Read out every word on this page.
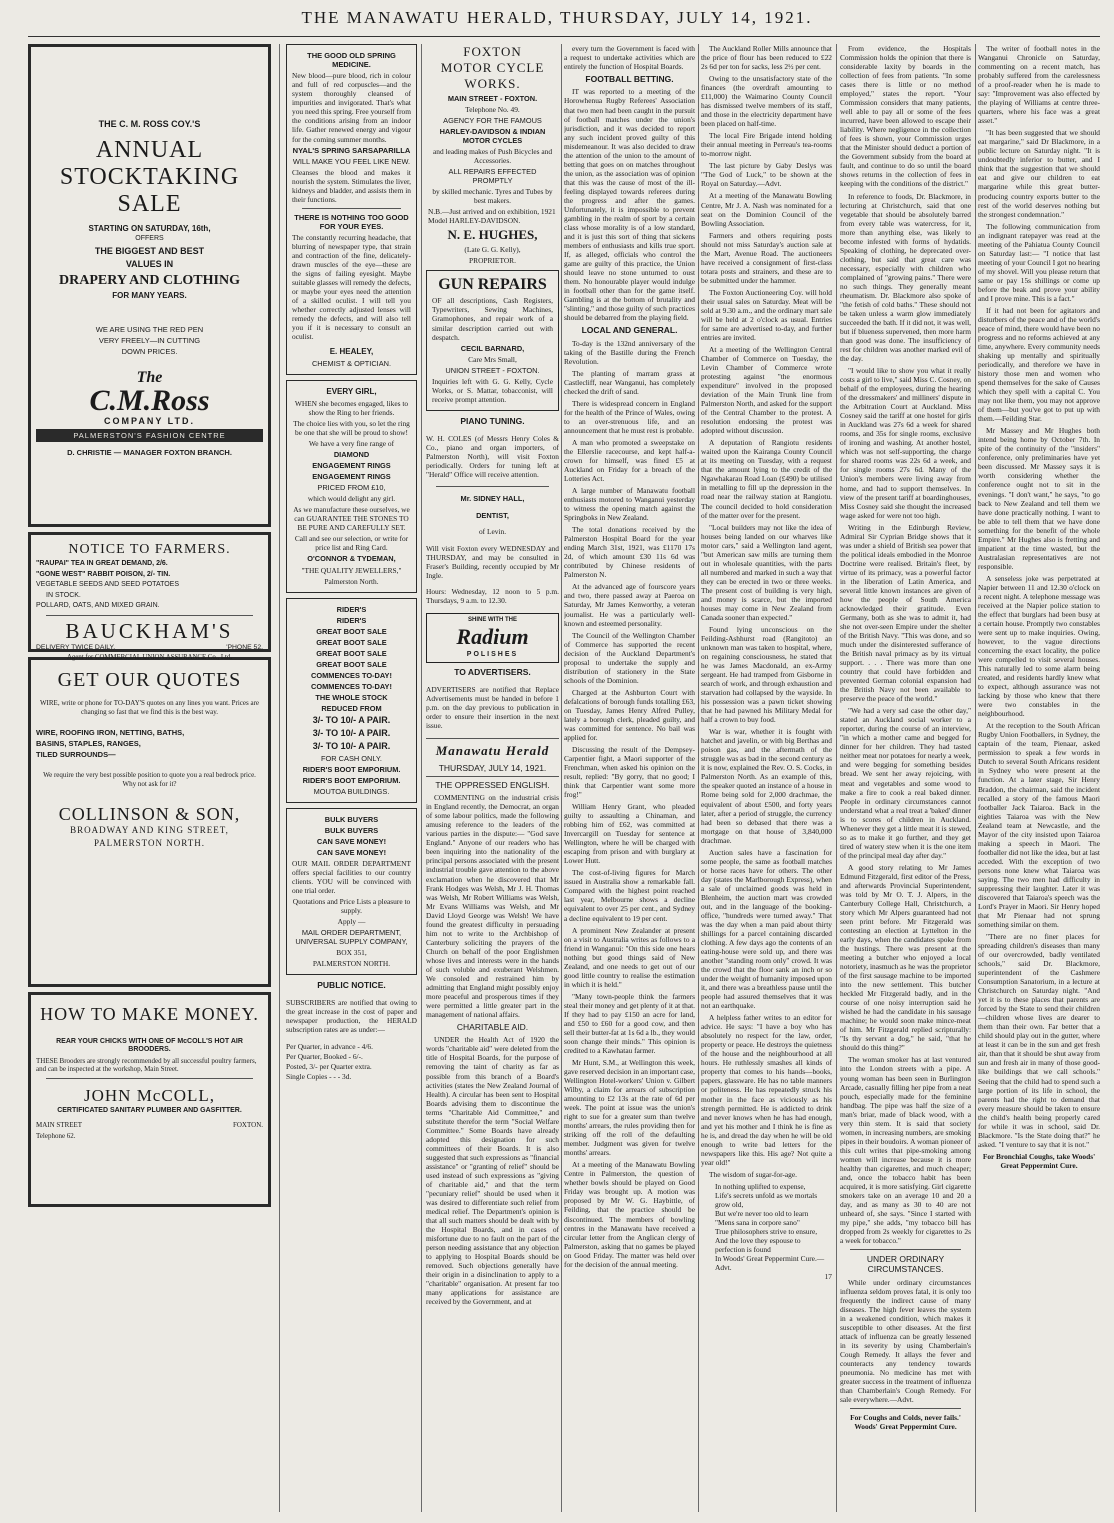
THE MANAWATU HERALD, THURSDAY, JULY 14, 1921.

THE C. M. ROSS COY.'S

ANNUAL

STOCKTAKING

SALE

STARTING ON SATURDAY, 16th,

OFFERS

THE BIGGEST AND BEST

VALUES IN

DRAPERY AND CLOTHING

FOR MANY YEARS.

WE ARE USING THE RED PEN

VERY FREELY—IN CUTTING

DOWN PRICES.

The
C.M.Ross
COMPANY LTD.
PALMERSTON'S FASHION CENTRE

D. CHRISTIE — MANAGER FOXTON BRANCH.

NOTICE TO FARMERS.

"RAUPAI" TEA IN GREAT DEMAND, 2/6.

"GONE WEST" RABBIT POISON, 2/- TIN.

VEGETABLE SEEDS AND SEED POTATOES

IN STOCK.

POLLARD, OATS, AND MIXED GRAIN.

BAUCKHAM'S

DELIVERY TWICE DAILY.	'PHONE 52.

Agent for COMMERCIAL UNION ASSURANCE Co., Ltd.

GET OUR QUOTES

WIRE, write or phone for TO-DAY'S quotes on any lines you want. Prices are changing so fast that we find this is the best way.

WIRE, ROOFING IRON, NETTING, BATHS,

BASINS, STAPLES, RANGES,

TILED SURROUNDS—

We require the very best possible position to quote you a real bedrock price. Why not ask for it?

COLLINSON & SON,

BROADWAY AND KING STREET,

PALMERSTON NORTH.

HOW TO MAKE MONEY.

REAR YOUR CHICKS WITH ONE OF McCOLL'S HOT AIR BROODERS.

THESE Brooders are strongly recommended by all successful poultry farmers, and can be inspected at the workshop, Main Street.

JOHN McCOLL,

CERTIFICATED SANITARY PLUMBER AND GASFITTER.

MAIN STREET	FOXTON.

Telephone 62.

THE GOOD OLD SPRING MEDICINE.

New blood—pure blood, rich in colour and full of red corpuscles—and the system thoroughly cleansed of impurities and invigorated. That's what you need this spring. Free yourself from the conditions arising from an indoor life. Gather renewed energy and vigour for the coming summer months.

NYAL'S SPRING SARSAPARILLA

WILL MAKE YOU FEEL LIKE NEW.

Cleanses the blood and makes it nourish the system. Stimulates the liver, kidneys and bladder, and assists them in their functions.

THERE IS NOTHING TOO GOOD FOR YOUR EYES.

The constantly recurring headache, that blurring of newspaper type, that strain and contraction of the fine, delicately-drawn muscles of the eye—these are the signs of failing eyesight. Maybe suitable glasses will remedy the defects, or maybe your eyes need the attention of a skilled oculist. I will tell you whether correctly adjusted lenses will remedy the defects, and will also tell you if it is necessary to consult an oculist.

E. HEALEY,

CHEMIST & OPTICIAN.

EVERY GIRL,

WHEN she becomes engaged, likes to show the Ring to her friends.

The choice lies with you, so let the ring be one that she will be proud to show!

We have a very fine range of

DIAMOND

ENGAGEMENT RINGS

ENGAGEMENT RINGS

PRICED FROM £10,

which would delight any girl.

As we manufacture these ourselves, we can GUARANTEE THE STONES TO BE PURE AND CAREFULLY SET.

Call and see our selection, or write for price list and Ring Card.

O'CONNOR & TYDEMAN,

"THE QUALITY JEWELLERS,"

Palmerston North.

RIDER'S

RIDER'S

GREAT BOOT SALE

GREAT BOOT SALE

GREAT BOOT SALE

GREAT BOOT SALE

COMMENCES TO-DAY!

COMMENCES TO-DAY!

THE WHOLE STOCK

REDUCED FROM

3/- TO 10/- A PAIR.

3/- TO 10/- A PAIR.

3/- TO 10/- A PAIR.

FOR CASH ONLY.

RIDER'S BOOT EMPORIUM.

RIDER'S BOOT EMPORIUM.

MOUTOA BUILDINGS.

BULK BUYERS

BULK BUYERS

CAN SAVE MONEY!

CAN SAVE MONEY!

OUR MAIL ORDER DEPARTMENT offers special facilities to our country clients. YOU will be convinced with one trial order.

Quotations and Price Lists a pleasure to supply.

Apply —

MAIL ORDER DEPARTMENT, UNIVERSAL SUPPLY COMPANY,

BOX 351,

PALMERSTON NORTH.

PUBLIC NOTICE.

SUBSCRIBERS are notified that owing to the great increase in the cost of paper and newspaper production, the HERALD subscription rates are as under:—

Per Quarter, in advance - 4/6.

Per Quarter, Booked - 6/-.

Posted, 3/- per Quarter extra.

Single Copies - - - 3d.

FOXTON

MOTOR CYCLE

WORKS.

MAIN STREET - FOXTON.

Telephone No. 49.

AGENCY FOR THE FAMOUS

HARLEY-DAVIDSON & INDIAN MOTOR CYCLES

and leading makes of Push Bicycles and Accessories.

ALL REPAIRS EFFECTED PROMPTLY

by skilled mechanic. Tyres and Tubes by best makers.

N.B.—Just arrived and on exhibition, 1921 Model HARLEY-DAVIDSON.

N. E. HUGHES,

(Late G. G. Kelly),

PROPRIETOR.

GUN REPAIRS

OF all descriptions, Cash Registers, Typewriters, Sewing Machines, Gramophones, and repair work of a similar description carried out with despatch.

CECIL BARNARD,

Care Mrs Small,

UNION STREET - FOXTON.

Inquiries left with G. G. Kelly, Cycle Works, or S. Mattar, tobacconist, will receive prompt attention.

PIANO TUNING.

W. H. COLES (of Messrs Henry Coles & Co., piano and organ importers, of Palmerston North), will visit Foxton periodically. Orders for tuning left at "Herald" Office will receive attention.

Mr. SIDNEY HALL,

DENTIST,

of Levin.

Will visit Foxton every WEDNESDAY and THURSDAY, and may be consulted in Fraser's Building, recently occupied by Mr Ingle.

Hours: Wednesday, 12 noon to 5 p.m. Thursdays, 9 a.m. to 12.30.

SHINE WITH THE
Radium
POLISHES
TO ADVERTISERS.

ADVERTISERS are notified that Replace Advertisements must be handed in before 1 p.m. on the day previous to publication in order to ensure their insertion in the next issue.

Manawatu Herald
THURSDAY, JULY 14, 1921.
THE OPPRESSED ENGLISH.

COMMENTING on the industrial crisis in England recently, the Democrat, an organ of some labour politics, made the following amusing reference to the leaders of the various parties in the dispute:— "God save England." Anyone of our readers who has been inquiring into the nationality of the principal persons associated with the present industrial trouble gave attention to the above exclamation when he discovered that Mr Frank Hodges was Welsh, Mr J. H. Thomas was Welsh, Mr Robert Williams was Welsh, Mr Evans Williams was Welsh, and Mr David Lloyd George was Welsh! We have found the greatest difficulty in persuading him not to write to the Archbishop of Canterbury soliciting the prayers of the Church on behalf of the poor Englishmen whose lives and interests were in the hands of such voluble and exuberant Welshmen. We consoled and restrained him by admitting that England might possibly enjoy more peaceful and prosperous times if they were permitted a little greater part in the management of national affairs.

CHARITABLE AID.

UNDER the Health Act of 1920 the words "charitable aid" were deleted from the title of Hospital Boards, for the purpose of removing the taint of charity as far as possible from this branch of a Board's activities (states the New Zealand Journal of Health). A circular has been sent to Hospital Boards advising them to discontinue the terms "Charitable Aid Committee," and substitute therefor the term "Social Welfare Committee." Some Boards have already adopted this designation for such committees of their Boards. It is also suggested that such expressions as "financial assistance" or "granting of relief" should be used instead of such expressions as "giving of charitable aid," and that the term "pecuniary relief" should be used when it was desired to differentiate such relief from medical relief. The Department's opinion is that all such matters should be dealt with by the Hospital Boards, and in cases of misfortune due to no fault on the part of the person needing assistance that any objection to applying to Hospital Boards should be removed. Such objections generally have their origin in a disinclination to apply to a "charitable" organisation. At present far too many applications for assistance are received by the Government, and at

every turn the Government is faced with a request to undertake activities which are entirely the function of Hospital Boards.

FOOTBALL BETTING.

IT was reported to a meeting of the Horowhenua Rugby Referees' Association that two men had been caught in the pursuit of football matches under the union's jurisdiction, and it was decided to report any such incident proved guilty of this misdemeanour. It was also decided to draw the attention of the union to the amount of betting that goes on on matches throughout the union, as the association was of opinion that this was the cause of most of the ill-feeling displayed towards referees during the progress and after the games. Unfortunately, it is impossible to prevent gambling in the realm of sport by a certain class whose morality is of a low standard, and it is just this sort of thing that sickens members of enthusiasts and kills true sport. If, as alleged, officials who control the game are guilty of this practice, the Union should leave no stone unturned to oust them. No honourable player would indulge in football other than for the game itself. Gambling is at the bottom of brutality and "slinting," and those guilty of such practices should be debarred from the playing field.

LOCAL AND GENERAL.

To-day is the 132nd anniversary of the taking of the Bastille during the French Revolution.

The planting of marram grass at Castlecliff, near Wanganui, has completely checked the drift of sand.

There is widespread concern in England for the health of the Prince of Wales, owing to an over-strenuous life, and an announcement that he must rest is probable.

A man who promoted a sweepstake on the Ellerslie racecourse, and kept half-a-crown for himself, was fined £5 at Auckland on Friday for a breach of the Lotteries Act.

A large number of Manawatu football enthusiasts motored to Wanganui yesterday to witness the opening match against the Springboks in New Zealand.

The total donations received by the Palmerston Hospital Board for the year ending March 31st, 1921, was £1170 17s 2d, of which amount £30 11s 6d was contributed by Chinese residents of Palmerston N.

At the advanced age of fourscore years and two, there passed away at Paeroa on Saturday, Mr James Kenworthy, a veteran journalist. He was a particularly well-known and esteemed personality.

The Council of the Wellington Chamber of Commerce has supported the recent decision of the Auckland Department's proposal to undertake the supply and distribution of stationery in the State schools of the Dominion.

Charged at the Ashburton Court with defalcations of borough funds totalling £63, on Tuesday, James Henry Alfred Pulley, lately a borough clerk, pleaded guilty, and was committed for sentence. No bail was applied for.

Discussing the result of the Dempsey-Carpentier fight, a Maori supporter of the Frenchman, when asked his opinion on the result, replied: "By gorry, that no good; I think that Carpentier want some more frog!"

William Henry Grant, who pleaded guilty to assaulting a Chinaman, and robbing him of £62, was committed at Invercargill on Tuesday for sentence at Wellington, where he will be charged with escaping from prison and with burglary at Lower Hutt.

The cost-of-living figures for March issued in Australia show a remarkable fall. Compared with the highest point reached last year, Melbourne shows a decline equivalent to over 25 per cent., and Sydney a decline equivalent to 19 per cent.

A prominent New Zealander at present on a visit to Australia writes as follows to a friend in Wanganui: "On this side one hears nothing but good things said of New Zealand, and one needs to get out of our good little country to realise the estimation in which it is held."

"Many town-people think the farmers steal their money and get plenty of it at that. If they had to pay £150 an acre for land, and £50 to £60 for a good cow, and then sell their butter-fat at 1s 6d a lb., they would soon change their minds." This opinion is credited to a Kawhatau farmer.

Mr Hunt, S.M., at Wellington this week, gave reserved decision in an important case, Wellington Hotel-workers' Union v. Gilbert Wilby, a claim for arrears of subscription amounting to £2 13s at the rate of 6d per week. The point at issue was the union's right to sue for a greater sum than twelve months' arrears, the rules providing then for striking off the roll of the defaulting member. Judgment was given for twelve months' arrears.

At a meeting of the Manawatu Bowling Centre in Palmerston, the question of whether bowls should be played on Good Friday was brought up. A motion was proposed by Mr W. G. Haybittle, of Feilding, that the practice should be discontinued. The members of bowling centres in the Manawatu have received a circular letter from the Anglican clergy of Palmerston, asking that no games be played on Good Friday. The matter was held over for the decision of the annual meeting.

The Auckland Roller Mills announce that the price of flour has been reduced to £22 2s 6d per ton for sacks, less 2½ per cent.

Owing to the unsatisfactory state of the finances (the overdraft amounting to £11,000) the Waimarino County Council has dismissed twelve members of its staff, and those in the electricity department have been placed on half-time.

The local Fire Brigade intend holding their annual meeting in Perreau's tea-rooms to-morrow night.

The last picture by Gaby Deslys was "The God of Luck," to be shown at the Royal on Saturday.—Advt.

At a meeting of the Manawatu Bowling Centre, Mr J. A. Nash was nominated for a seat on the Dominion Council of the Bowling Association.

Farmers and others requiring posts should not miss Saturday's auction sale at the Mart, Avenue Road. The auctioneers have received a consignment of first-class totara posts and strainers, and these are to be submitted under the hammer.

The Foxton Auctioneering Coy. will hold their usual sales on Saturday. Meat will be sold at 9.30 a.m., and the ordinary mart sale will be held at 2 o'clock as usual. Entries for same are advertised to-day, and further entries are invited.

At a meeting of the Wellington Central Chamber of Commerce on Tuesday, the Levin Chamber of Commerce wrote protesting against "the enormous expenditure" involved in the proposed deviation of the Main Trunk line from Palmerston North, and asked for the support of the Central Chamber to the protest. A resolution endorsing the protest was adopted without discussion.

A deputation of Rangiotu residents waited upon the Kairanga County Council at its meeting on Tuesday, with a request that the amount lying to the credit of the Ngawhakarau Road Loan (£490) be utilised in metalling to fill up the depression in the road near the railway station at Rangiotu. The council decided to hold consideration of the matter over for the present.

"Local builders may not like the idea of houses being landed on our wharves like motor cars," said a Wellington land agent, "but American saw mills are turning them out in wholesale quantities, with the parts all numbered and marked in such a way that they can be erected in two or three weeks. The present cost of building is very high, and money is scarce, but the imported houses may come in New Zealand from Canada sooner than expected."

Found lying unconscious on the Feilding-Ashhurst road (Rangitoto) an unknown man was taken to hospital, where, on regaining consciousness, he stated that he was James Macdonald, an ex-Army sergeant. He had tramped from Gisborne in search of work, and through exhaustion and starvation had collapsed by the wayside. In his possession was a pawn ticket showing that he had pawned his Military Medal for half a crown to buy food.

War is war, whether it is fought with hatchet and javelin, or with big Berthas and poison gas, and the aftermath of the struggle was as bad in the second century as it is now, explained the Rev. O. S. Cocks, in Palmerston North. As an example of this, the speaker quoted an instance of a house in Rome being sold for 2,000 drachmae, the equivalent of about £500, and forty years later, after a period of struggle, the currency had been so debased that there was a mortgage on that house of 3,840,000 drachmae.

Auction sales have a fascination for some people, the same as football matches or horse races have for others. The other day (states the Marlborough Express), when a sale of unclaimed goods was held in Blenheim, the auction mart was crowded out, and in the language of the booking-office, "hundreds were turned away." That was the day when a man paid about thirty shillings for a parcel containing discarded clothing. A few days ago the contents of an eating-house were sold up, and there was another "standing room only" crowd. It was the crowd that the floor sank an inch or so under the weight of humanity imposed upon it, and there was a breathless pause until the people had assured themselves that it was not an earthquake.

A helpless father writes to an editor for advice. He says: "I have a boy who has absolutely no respect for the law, order, property or peace. He destroys the quietness of the house and the neighbourhood at all hours. He ruthlessly smashes all kinds of property that comes to his hands—books, papers, glassware. He has no table manners or politeness. He has repeatedly struck his mother in the face as viciously as his strength permitted. He is addicted to drink and never knows when he has had enough, and yet his mother and I think he is fine as he is, and dread the day when he will be old enough to write bad letters for the newspapers like this. His age? Not quite a year old!"

The wisdom of sugar-for-age.

In nothing uplifted to expense,
Life's secrets unfold as we mortals grow old,
But we're never too old to learn
"Mens sana in corpore sano"
True philosophers strive to ensure,
And the love they espouse to perfection is found
In Woods' Great Peppermint Cure.—Advt.
17

From evidence, the Hospitals Commission holds the opinion that there is considerable laxity by boards in the collection of fees from patients. "In some cases there is little or no method employed," states the report. "Your Commission considers that many patients, well able to pay all or some of the fees incurred, have been allowed to escape their liability. Where negligence in the collection of fees is shown, your Commission urges that the Minister should deduct a portion of the Government subsidy from the board at fault, and continue to do so until the board shows returns in the collection of fees in keeping with the conditions of the district."

In reference to foods, Dr. Blackmore, in lecturing at Christchurch, said that one vegetable that should be absolutely barred from every table was watercress, for it, more than anything else, was likely to become infested with forms of hydatids. Speaking of clothing, he deprecated over-clothing, but said that great care was necessary, especially with children who complained of "growing pains." There were no such things. They generally meant rheumatism. Dr. Blackmore also spoke of "the fetish of cold baths." These should not be taken unless a warm glow immediately succeeded the bath. If it did not, it was well, but if blueness supervened, then more harm than good was done. The insufficiency of rest for children was another marked evil of the day.

"I would like to show you what it really costs a girl to live," said Miss C. Cosney, on behalf of the employees, during the hearing of the dressmakers' and milliners' dispute in the Arbitration Court at Auckland. Miss Cosney said the tariff at one hostel for girls in Auckland was 27s 6d a week for shared rooms, and 35s for single rooms, exclusive of ironing and washing. At another hostel, which was not self-supporting, the charge for shared rooms was 22s 6d a week, and for single rooms 27s 6d. Many of the Union's members were living away from home, and had to support themselves. In view of the present tariff at boardinghouses, Miss Cosney said she thought the increased wage asked for were not too high.

Writing in the Edinburgh Review, Admiral Sir Cyprian Bridge shows that it was under a shield of British sea power that the political ideals embodied in the Monroe Doctrine were realised. Britain's fleet, by virtue of its primacy, was a powerful factor in the liberation of Latin America, and several little known instances are given of how the people of South America acknowledged their gratitude. Even Germany, both as she was to admit it, had she not over-seen Empire under the shelter of the British Navy. "This was done, and so much under the disinterested sufferance of the British naval primacy as by its virtual support. . . . There was more than one country that could have forbidden and prevented German colonial expansion had the British Navy not been available to preserve the peace of the world."

"We had a very sad case the other day," stated an Auckland social worker to a reporter, during the course of an interview, "in which a mother came and begged for dinner for her children. They had tasted neither meat nor potatoes for nearly a week, and were begging for something besides bread. We sent her away rejoicing, with meat and vegetables and some wood to make a fire to cook a real baked dinner. People in ordinary circumstances cannot understand what a real treat a 'baked' dinner is to scores of children in Auckland. Whenever they get a little meat it is stewed, so as to make it go further, and they get tired of watery stew when it is the one item of the principal meal day after day."

A good story relating to Mr James Edmund Fitzgerald, first editor of the Press, and afterwards Provincial Superintendent, was told by Mr O. T. J. Alpers, in the Canterbury College Hall, Christchurch, a story which Mr Alpers guaranteed had not seen print before. Mr Fitzgerald was contesting an election at Lyttelton in the early days, when the candidates spoke from the hustings. There was present at the meeting a butcher who enjoyed a local notoriety, inasmuch as he was the proprietor of the first sausage machine to be imported into the new settlement. This butcher heckled Mr Fitzgerald badly, and in the course of one noisy interruption said he wished he had the candidate in his sausage machine; he would soon make mince-meat of him. Mr Fitzgerald replied scripturally: "Is thy servant a dog," he said, "that he should do this thing?"

The woman smoker has at last ventured into the London streets with a pipe. A young woman has been seen in Burlington Arcade, casually filling her pipe from a neat pouch, especially made for the feminine handbag. The pipe was half the size of a man's briar, made of black wood, with a very thin stem. It is said that society women, in increasing numbers, are smoking pipes in their boudoirs. A woman pioneer of this cult writes that pipe-smoking among women will increase because it is more healthy than cigarettes, and much cheaper; and, once the tobacco habit has been acquired, it is more satisfying. Girl cigarette smokers take on an average 10 and 20 a day, and as many as 30 to 40 are not unheard of, she says. "Since I started with my pipe," she adds, "my tobacco bill has dropped from 2s weekly for cigarettes to 2s a week for tobacco."

UNDER ORDINARY CIRCUMSTANCES.

While under ordinary circumstances influenza seldom proves fatal, it is only too frequently the indirect cause of many diseases. The high fever leaves the system in a weakened condition, which makes it susceptible to other diseases. At the first attack of influenza can be greatly lessened in its severity by using Chamberlain's Cough Remedy. It allays the fever and counteracts any tendency towards pneumonia. No medicine has met with greater success in the treatment of influenza than Chamberlain's Cough Remedy. For sale everywhere.—Advt.

For Coughs and Colds, never fails.' Woods' Great Peppermint Cure.

The writer of football notes in the Wanganui Chronicle on Saturday, commenting on a recent match, has probably suffered from the carelessness of a proof-reader when he is made to say: "Improvement was also effected by the playing of Williams at centre three-quarters, where his face was a great asset."

"It has been suggested that we should eat margarine," said Dr Blackmore, in a public lecture on Saturday night. "It is undoubtedly inferior to butter, and I think that the suggestion that we should eat and give our children to eat margarine while this great butter-producing country exports butter to the rest of the world deserves nothing but the strongest condemnation."

The following communication from an indignant ratepayer was read at the meeting of the Pahiatua County Council on Saturday last:— "I notice that last meeting of your Council I got no hearing of my shovel. Will you please return that same or pay 15s shillings or come up before the beak and prove your ability and I prove mine. This is a fact."

If it had not been for agitators and disturbers of the peace and of the world's peace of mind, there would have been no progress and no reforms achieved at any time, anywhere. Every community needs shaking up mentally and spiritually periodically, and therefore we have in history those men and women who spend themselves for the sake of Causes which they spell with a capital C. You may not like them, you may not approve of them—but you've got to put up with them.—Feilding Star.

Mr Massey and Mr Hughes both intend being home by October 7th. In spite of the continuity of the "insiders" conference, only preliminaries have yet been discussed. Mr Massey says it is worth considering whether the conference ought not to sit in the evenings. "I don't want," he says, "to go back to New Zealand and tell them we have done practically nothing. I want to be able to tell them that we have done something for the benefit of the whole Empire." Mr Hughes also is fretting and impatient at the time wasted, but the Australasian representatives are not responsible.

A senseless joke was perpetrated at Napier between 11 and 12.30 o'clock on a recent night. A telephone message was received at the Napier police station to the effect that burglars had been busy at a certain house. Promptly two constables were sent up to make inquiries. Owing, however, to the vague directions concerning the exact locality, the police were compelled to visit several houses. This naturally led to some alarm being created, and residents hardly knew what to expect, although assurance was not lacking by those who knew that there were two constables in the neighbourhood.

At the reception to the South African Rugby Union Footballers, in Sydney, the captain of the team, Pienaar, asked permission to speak a few words in Dutch to several South Africans resident in Sydney who were present at the function. At a later stage, Sir Henry Braddon, the chairman, said the incident recalled a story of the famous Maori footballer Jack Taiaroa. Back in the eighties Taiaroa was with the New Zealand team at Newcastle, and the Mayor of the city insisted upon Taiaroa making a speech in Maori. The footballer did not like the idea, but at last acceded. With the exception of two persons none knew what Taiaroa was saying. The two men had difficulty in suppressing their laughter. Later it was discovered that Taiaroa's speech was the Lord's Prayer in Maori. Sir Henry hoped that Mr Pienaar had not sprung something similar on them.

"There are no finer places for spreading children's diseases than many of our overcrowded, badly ventilated schools," said Dr. Blackmore, superintendent of the Cashmere Consumption Sanatorium, in a lecture at Christchurch on Saturday night. "And yet it is to these places that parents are forced by the State to send their children—children whose lives are dearer to them than their own. Far better that a child should play out in the gutter, where at least it can be in the sun and get fresh air, than that it should be shut away from sun and fresh air in many of those good-like buildings that we call schools." Seeing that the child had to spend such a large portion of its life in school, the parents had the right to demand that every measure should be taken to ensure the child's health being properly cared for while it was in school, said Dr. Blackmore. "Is the State doing that?" he asked. "I venture to say that it is not."

For Bronchial Coughs, take Woods' Great Peppermint Cure.
